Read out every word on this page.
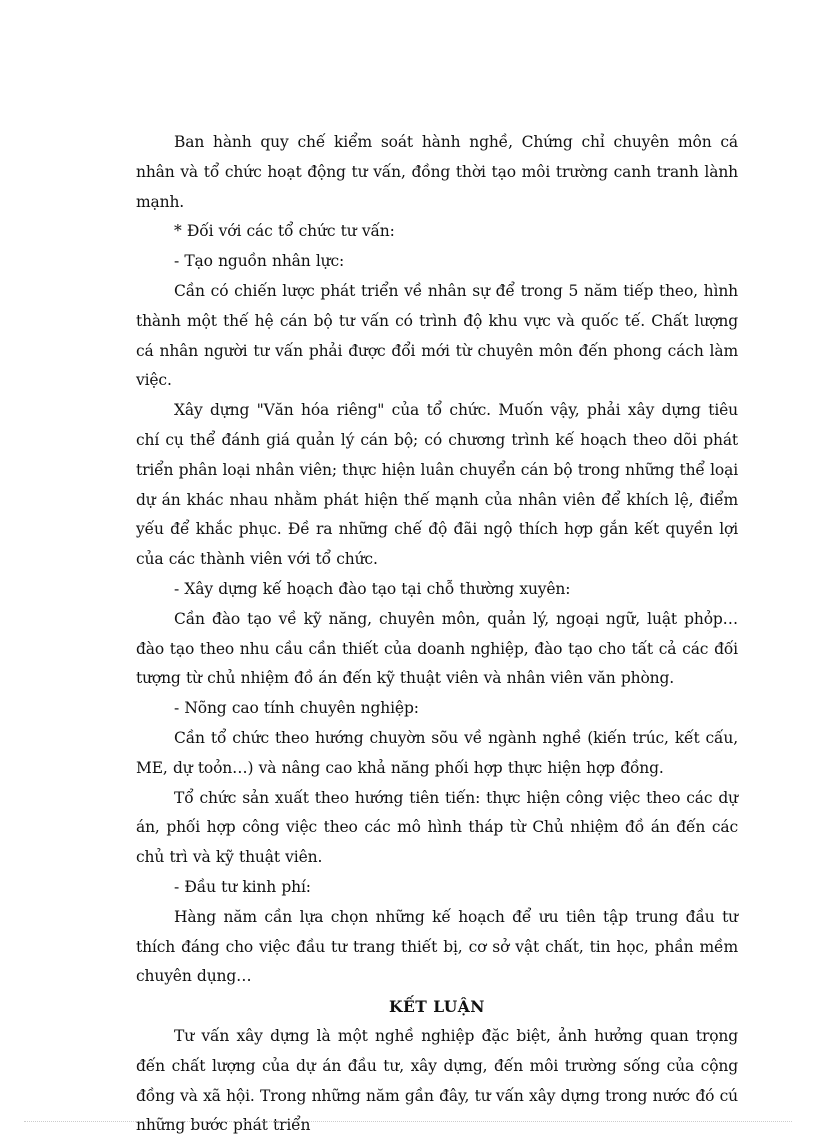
Ban hành quy chế kiểm soát hành nghề, Chứng chỉ chuyên môn cá nhân và tổ chức hoạt động tư vấn, đồng thời tạo môi trường canh tranh lành mạnh.

* Đối với các tổ chức tư vấn:

- Tạo nguồn nhân lực:

Cần có chiến lược phát triển về nhân sự để trong 5 năm tiếp theo, hình thành một thế hệ cán bộ tư vấn có trình độ khu vực và quốc tế. Chất lượng cá nhân người tư vấn phải được đổi mới từ chuyên môn đến phong cách làm việc.

Xây dựng "Văn hóa riêng" của tổ chức. Muốn vậy, phải xây dựng tiêu chí cụ thể đánh giá quản lý cán bộ; có chương trình kế hoạch theo dõi phát triển phân loại nhân viên; thực hiện luân chuyển cán bộ trong những thể loại dự án khác nhau nhằm phát hiện thế mạnh của nhân viên để khích lệ, điểm yếu để khắc phục. Đề ra những chế độ đãi ngộ thích hợp gắn kết quyền lợi của các thành viên với tổ chức.

- Xây dựng kế hoạch đào tạo tại chỗ thường xuyên:

Cần đào tạo về kỹ năng, chuyên môn, quản lý, ngoại ngữ, luật phỏp… đào tạo theo nhu cầu cần thiết của doanh nghiệp, đào tạo cho tất cả các đối tượng từ chủ nhiệm đồ án đến kỹ thuật viên và nhân viên văn phòng.

- Nõng cao tính chuyên nghiệp:

Cần tổ chức theo hướng chuyờn sõu về ngành nghề (kiến trúc, kết cấu, ME, dự toỏn…) và nâng cao khả năng phối hợp thực hiện hợp đồng.

Tổ chức sản xuất theo hướng tiên tiến: thực hiện công việc theo các dự án, phối hợp công việc theo các mô hình tháp từ Chủ nhiệm đồ án đến các chủ trì và kỹ thuật viên.

- Đầu tư kinh phí:

Hàng năm cần lựa chọn những kế hoạch để ưu tiên tập trung đầu tư thích đáng cho việc đầu tư trang thiết bị, cơ sở vật chất, tin học, phần mềm chuyên dụng…

KẾT LUẬN

Tư vấn xây dựng là một nghề nghiệp đặc biệt, ảnh hưởng quan trọng đến chất lượng của dự án đầu tư, xây dựng, đến môi trường sống của cộng đồng và xã hội. Trong những năm gần đây, tư vấn xây dựng trong nước đó cú những bước phát triển
